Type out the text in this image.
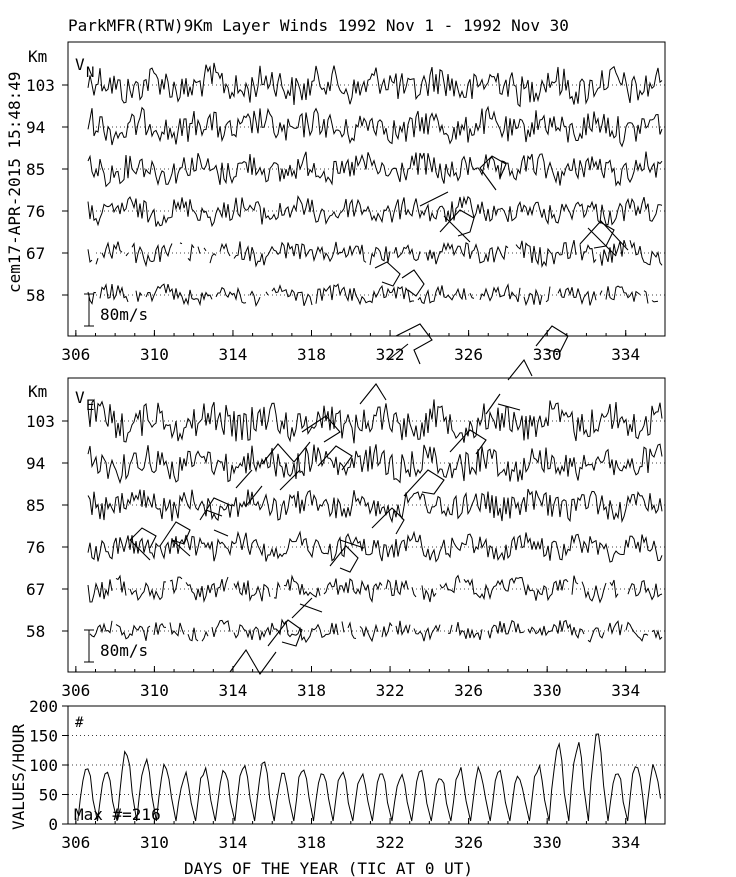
ParkMFR(RTW)9Km Layer Winds 1992 Nov 1 - 1992 Nov 30
cem17-APR-2015 15:48:49
Km V N
103
94
85
76
67
58
80m/s
306	310	314	318	322	326	330	334
Km V E
103
94
85
76
67
58
80m/s
306	310	314	318	322	326	330	334
VALUES/HOUR
#
0
50
100
150
200
Max #=216
306	310	314	318	322	326	330	334
DAYS OF THE YEAR (TIC AT 0 UT)
